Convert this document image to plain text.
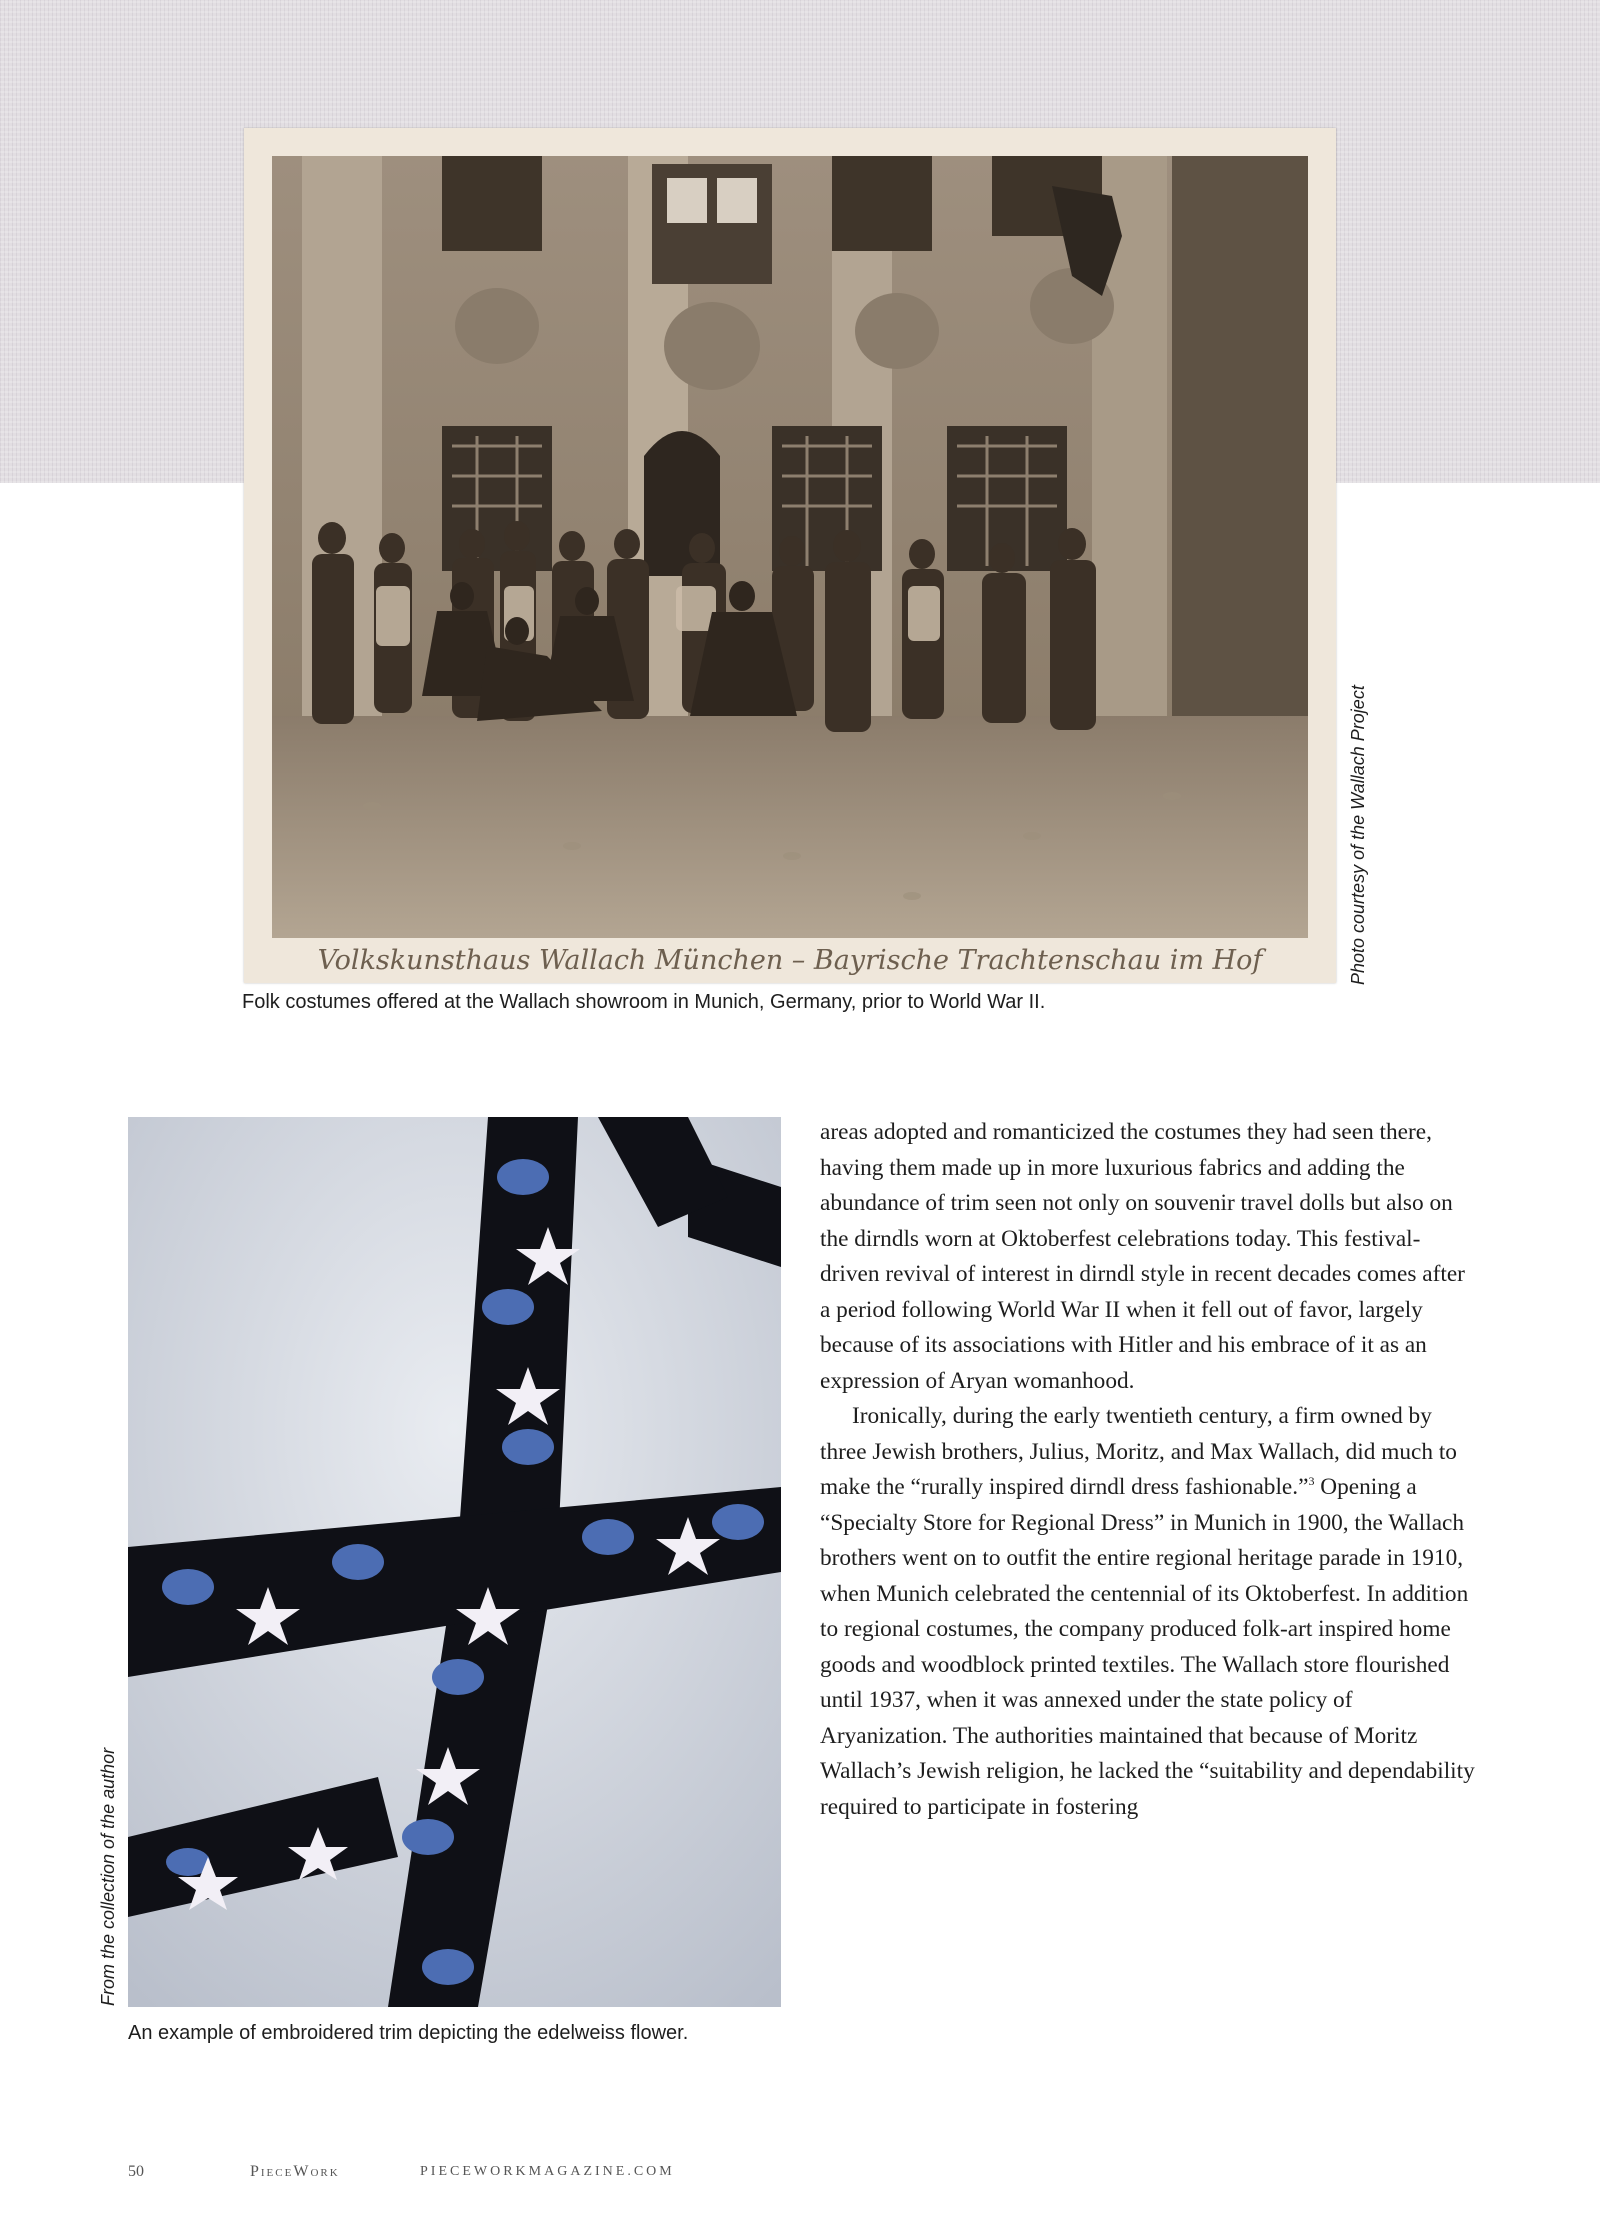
Volkskunsthaus Wallach München – Bayrische Trachtenschau im Hof
Folk costumes offered at the Wallach showroom in Munich, Germany, prior to World War II.
Photo courtesy of the Wallach Project
From the collection of the author
An example of embroidered trim depicting the edelweiss flower.

areas adopted and romanticized the costumes they had seen there, having them made up in more luxurious fabrics and adding the abundance of trim seen not only on souvenir travel dolls but also on the dirndls worn at Oktoberfest celebrations today. This festival-driven revival of interest in dirndl style in recent decades comes after a period following World War II when it fell out of favor, largely because of its associations with Hitler and his embrace of it as an expression of Aryan womanhood.

Ironically, during the early twentieth century, a firm owned by three Jewish brothers, Julius, Moritz, and Max Wallach, did much to make the “rurally inspired dirndl dress fashionable.”$^3$ Opening a “Specialty Store for Regional Dress” in Munich in 1900, the Wallach brothers went on to outfit the entire regional heritage parade in 1910, when Munich celebrated the centennial of its Oktoberfest. In addition to regional costumes, the company produced folk-art inspired home goods and woodblock printed textiles. The Wallach store flourished until 1937, when it was annexed under the state policy of Aryanization. The authorities maintained that because of Moritz Wallach’s Jewish religion, he lacked the “suitability and dependability required to participate in fostering

50	PieceWork	PIECEWORKMAGAZINE.COM
